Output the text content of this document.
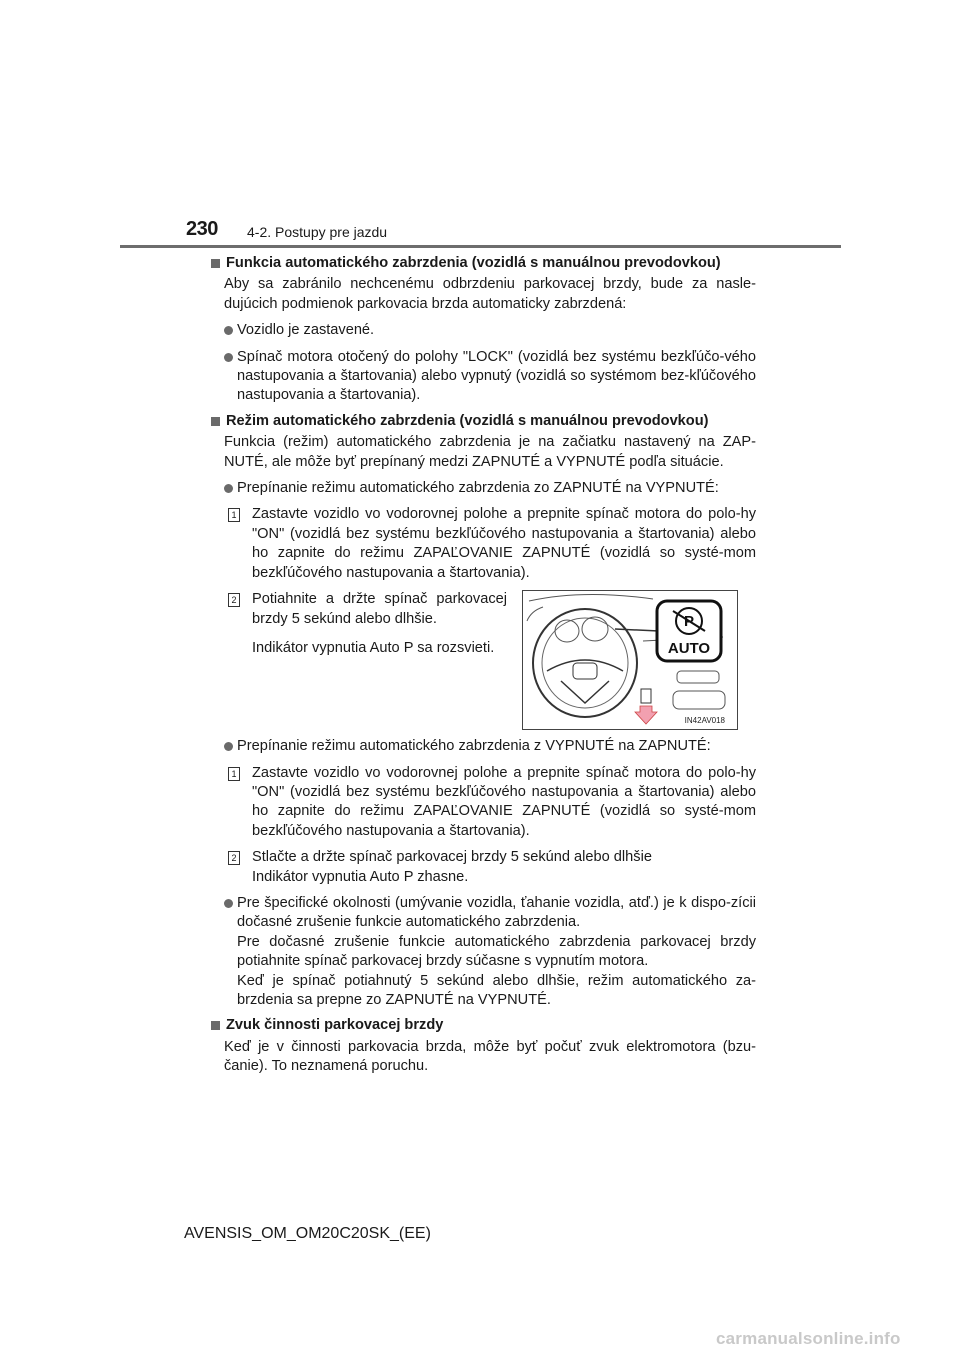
230 4-2. Postupy pre jazdu
Funkcia automatického zabrzdenia (vozidlá s manuálnou prevodovkou)
Aby sa zabránilo nechcenému odbrzdeniu parkovacej brzdy, bude za nasle-dujúcich podmienok parkovacia brzda automaticky zabrzdená:
Vozidlo je zastavené.
Spínač motora otočený do polohy "LOCK" (vozidlá bez systému bezkľúčo-vého nastupovania a štartovania) alebo vypnutý (vozidlá so systémom bez-kľúčového nastupovania a štartovania).
Režim automatického zabrzdenia (vozidlá s manuálnou prevodovkou)
Funkcia (režim) automatického zabrzdenia je na začiatku nastavený na ZAP-NUTÉ, ale môže byť prepínaný medzi ZAPNUTÉ a VYPNUTÉ podľa situácie.
Prepínanie režimu automatického zabrzdenia zo ZAPNUTÉ na VYPNUTÉ:
1 Zastavte vozidlo vo vodorovnej polohe a prepnite spínač motora do polo-hy "ON" (vozidlá bez systému bezkľúčového nastupovania a štartovania) alebo ho zapnite do režimu ZAPAĽOVANIE ZAPNUTÉ (vozidlá so systé-mom bezkľúčového nastupovania a štartovania).
2 Potiahnite a držte spínač parkovacej brzdy 5 sekúnd alebo dlhšie.

Indikátor vypnutia Auto P sa rozsvieti.

P
AUTO
IN42AV018
Prepínanie režimu automatického zabrzdenia z VYPNUTÉ na ZAPNUTÉ:
1 Zastavte vozidlo vo vodorovnej polohe a prepnite spínač motora do polo-hy "ON" (vozidlá bez systému bezkľúčového nastupovania a štartovania) alebo ho zapnite do režimu ZAPAĽOVANIE ZAPNUTÉ (vozidlá so systé-mom bezkľúčového nastupovania a štartovania).
2 Stlačte a držte spínač parkovacej brzdy 5 sekúnd alebo dlhšie
Indikátor vypnutia Auto P zhasne.
Pre špecifické okolnosti (umývanie vozidla, ťahanie vozidla, atď.) je k dispo-zícii dočasné zrušenie funkcie automatického zabrzdenia.
Pre dočasné zrušenie funkcie automatického zabrzdenia parkovacej brzdy potiahnite spínač parkovacej brzdy súčasne s vypnutím motora.
Keď je spínač potiahnutý 5 sekúnd alebo dlhšie, režim automatického za-brzdenia sa prepne zo ZAPNUTÉ na VYPNUTÉ.
Zvuk činnosti parkovacej brzdy
Keď je v činnosti parkovacia brzda, môže byť počuť zvuk elektromotora (bzu-čanie). To neznamená poruchu.
AVENSIS_OM_OM20C20SK_(EE)
carmanualsonline.info
